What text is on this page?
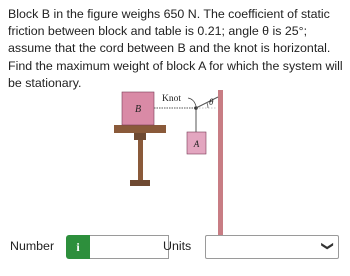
Block B in the figure weighs 650 N. The coefficient of static friction between block and table is 0.21; angle θ is 25°; assume that the cord between B and the knot is horizontal. Find the maximum weight of block A for which the system will be stationary.
B
Knot	θ
A
Number	i	Units	❯
